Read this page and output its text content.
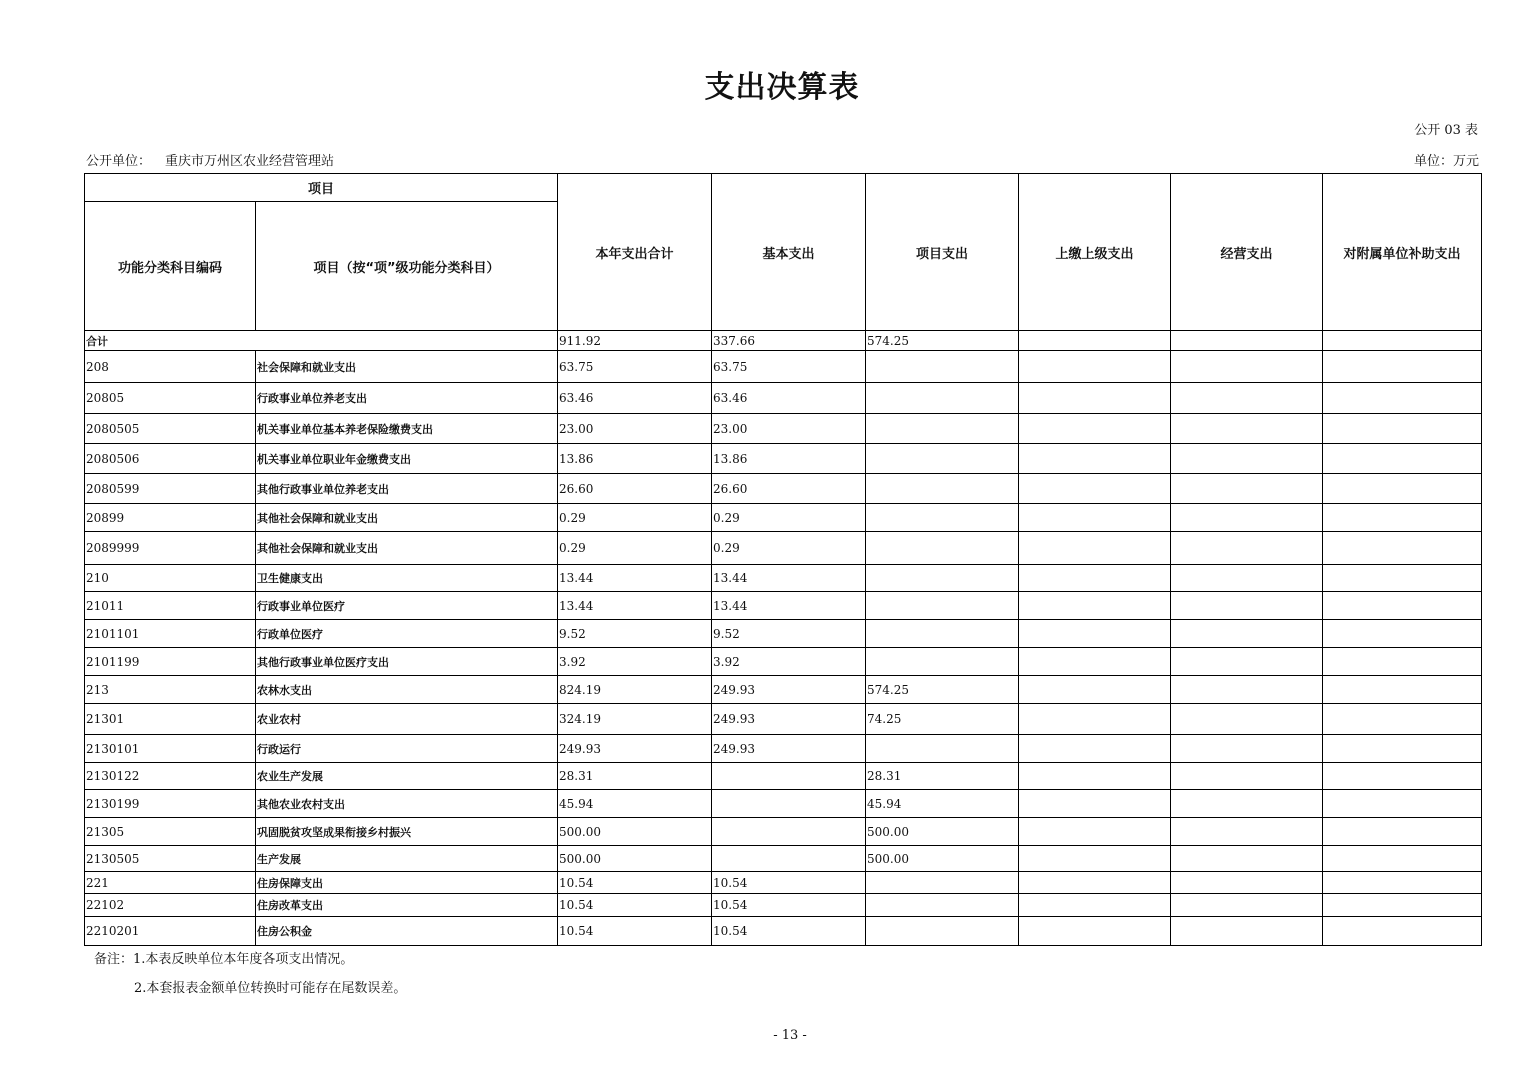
支出决算表
公开 03 表
公开单位： 重庆市万州区农业经营管理站	单位：万元
项目		本年支出合计	基本支出	项目支出	上缴上级支出	经营支出	对附属单位补助支出
功能分类科目编码	项目（按“项”级功能分类科目）						
合计		911.92	337.66	574.25			
208	社会保障和就业支出	63.75	63.75				
20805	行政事业单位养老支出	63.46	63.46				
2080505	机关事业单位基本养老保险缴费支出	23.00	23.00				
2080506	机关事业单位职业年金缴费支出	13.86	13.86				
2080599	其他行政事业单位养老支出	26.60	26.60				
20899	其他社会保障和就业支出	0.29	0.29				
2089999	其他社会保障和就业支出	0.29	0.29				
210	卫生健康支出	13.44	13.44				
21011	行政事业单位医疗	13.44	13.44				
2101101	行政单位医疗	9.52	9.52				
2101199	其他行政事业单位医疗支出	3.92	3.92				
213	农林水支出	824.19	249.93	574.25			
21301	农业农村	324.19	249.93	74.25			
2130101	行政运行	249.93	249.93				
2130122	农业生产发展	28.31		28.31			
2130199	其他农业农村支出	45.94		45.94			
21305	巩固脱贫攻坚成果衔接乡村振兴	500.00		500.00			
2130505	生产发展	500.00		500.00			
221	住房保障支出	10.54	10.54				
22102	住房改革支出	10.54	10.54				
2210201	住房公积金	10.54	10.54				
备注：1.本表反映单位本年度各项支出情况。
2.本套报表金额单位转换时可能存在尾数误差。
- 13 -
